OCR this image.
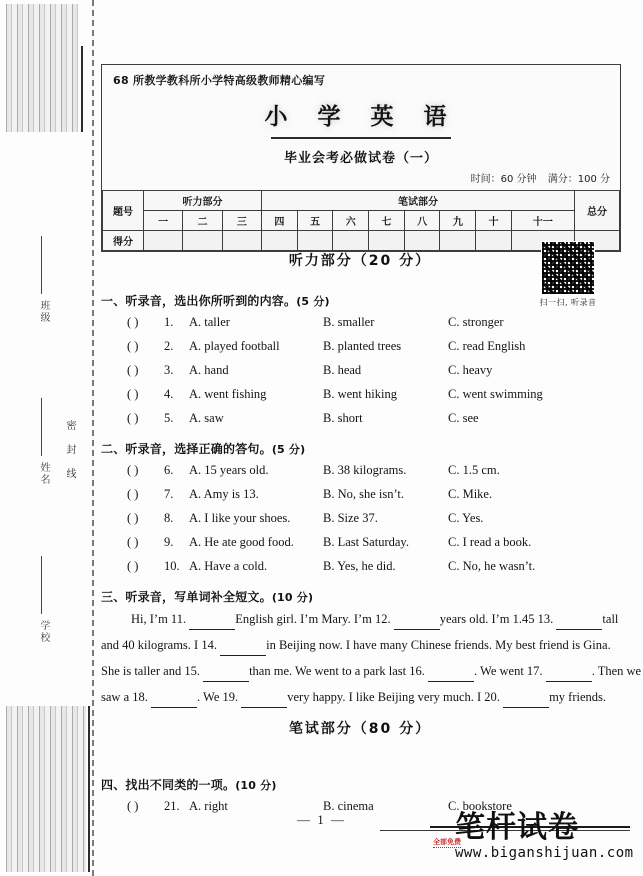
班级
姓名
学校
密封线
68 所教学教科所小学特高级教师精心编写
小 学 英 语
毕业会考必做试卷（一）
时间：60 分钟 满分：100 分
题号	听力部分			笔试部分								总分
	一	二	三	四	五	六	七	八	九	十	十一	
得分												
听力部分（20 分）
扫一扫, 听录音
一、听录音，选出你所听到的内容。(5 分)
( ) 1. A. taller	B. smaller	C. stronger
( ) 2. A. played football	B. planted trees	C. read English
( ) 3. A. hand	B. head	C. heavy
( ) 4. A. went fishing	B. went hiking	C. went swimming
( ) 5. A. saw	B. short	C. see
二、听录音，选择正确的答句。(5 分)
( ) 6. A. 15 years old.	B. 38 kilograms.	C. 1.5 cm.
( ) 7. A. Amy is 13.	B. No, she isn’t.	C. Mike.
( ) 8. A. I like your shoes.	B. Size 37.	C. Yes.
( ) 9. A. He ate good food. B. Last Saturday.	C. I read a book.
( ) 10. A. Have a cold.	B. Yes, he did.	C. No, he wasn’t.
三、听录音，写单词补全短文。(10 分)
四、找出不同类的一项。(10 分)
( ) 21. A. right	B. cinema	C. bookstore
Hi, I’m 11.	English girl. I’m Mary. I’m 12.	years old. I’m 1.45 13.	tall
and 40 kilograms. I 14.	in Beijing now. I have many Chinese friends. My best friend is Gina.
She is taller and 15.	than me. We went to a park last 16.	. We went 17.	. Then we
saw a 18.	. We 19.	very happy. I like Beijing very much. I 20.	my friends.
笔试部分（80 分）
— 1 —	笔杆试卷
www.biganshijuan.com
全部免费
